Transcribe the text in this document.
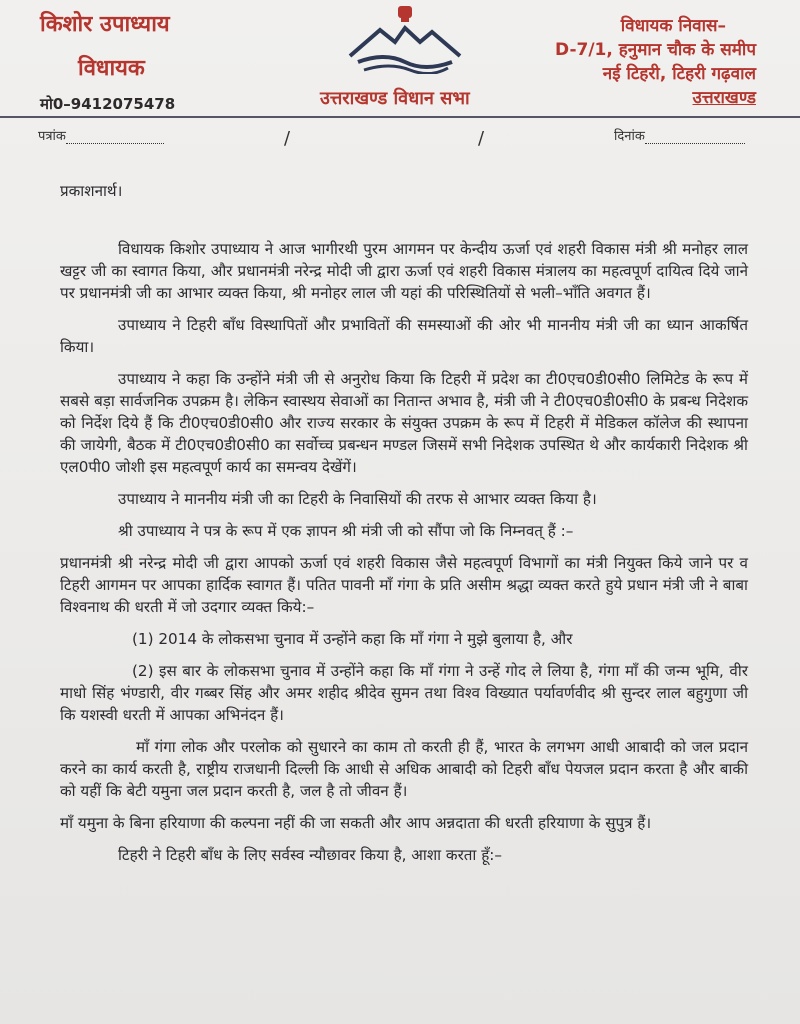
किशोर उपाध्याय
विधायक
मो0–9412075478	उत्तराखण्ड विधान सभा
विधायक निवास–
D-7/1, हनुमान चौक के समीप
नई टिहरी, टिहरी गढ़वाल
उत्तराखण्ड
पत्रांक	/	/	दिनांक

प्रकाशनार्थ।

विधायक किशोर उपाध्याय ने आज भागीरथी पुरम आगमन पर केन्दीय ऊर्जा एवं शहरी विकास मंत्री श्री मनोहर लाल खट्टर जी का स्वागत किया, और प्रधानमंत्री नरेन्द्र मोदी जी द्वारा ऊर्जा एवं शहरी विकास मंत्रालय का महत्वपूर्ण दायित्व दिये जाने पर प्रधानमंत्री जी का आभार व्यक्त किया, श्री मनोहर लाल जी यहां की परिस्थितियों से भली–भाँति अवगत हैं।

उपाध्याय ने टिहरी बाँध विस्थापितों और प्रभावितों की समस्याओं की ओर भी माननीय मंत्री जी का ध्यान आकर्षित किया।

उपाध्याय ने कहा कि उन्होंने मंत्री जी से अनुरोध किया कि टिहरी में प्रदेश का टी0एच0डी0सी0 लिमिटेड के रूप में सबसे बड़ा सार्वजनिक उपक्रम है। लेकिन स्वास्थय सेवाओं का नितान्त अभाव है, मंत्री जी ने टी0एच0डी0सी0 के प्रबन्ध निदेशक को निर्देश दिये हैं कि टी0एच0डी0सी0 और राज्य सरकार के संयुक्त उपक्रम के रूप में टिहरी में मेडिकल कॉलेज की स्थापना की जायेगी, बैठक में टी0एच0डी0सी0 का सर्वोच्च प्रबन्धन मण्डल जिसमें सभी निदेशक उपस्थित थे और कार्यकारी निदेशक श्री एल0पी0 जोशी इस महत्वपूर्ण कार्य का समन्वय देखेंगें।

उपाध्याय ने माननीय मंत्री जी का टिहरी के निवासियों की तरफ से आभार व्यक्त किया है।

श्री उपाध्याय ने पत्र के रूप में एक ज्ञापन श्री मंत्री जी को सौंपा जो कि निम्नवत् हैं :–

प्रधानमंत्री श्री नरेन्द्र मोदी जी द्वारा आपको ऊर्जा एवं शहरी विकास जैसे महत्वपूर्ण विभागों का मंत्री नियुक्त किये जाने पर व टिहरी आगमन पर आपका हार्दिक स्वागत हैं। पतित पावनी माँ गंगा के प्रति असीम श्रद्धा व्यक्त करते हुये प्रधान मंत्री जी ने बाबा विश्वनाथ की धरती में जो उदगार व्यक्त किये:–

(1) 2014 के लोकसभा चुनाव में उन्होंने कहा कि माँ गंगा ने मुझे बुलाया है, और

(2) इस बार के लोकसभा चुनाव में उन्होंने कहा कि माँ गंगा ने उन्हें गोद ले लिया है, गंगा माँ की जन्म भूमि, वीर माधो सिंह भंण्डारी, वीर गब्बर सिंह और अमर शहीद श्रीदेव सुमन तथा विश्व विख्यात पर्यावर्णवीद श्री सुन्दर लाल बहुगुणा जी कि यशस्वी धरती में आपका अभिनंदन हैं।

माँ गंगा लोक और परलोक को सुधारने का काम तो करती ही हैं, भारत के लगभग आधी आबादी को जल प्रदान करने का कार्य करती है, राष्ट्रीय राजधानी दिल्ली कि आधी से अधिक आबादी को टिहरी बाँध पेयजल प्रदान करता है और बाकी को यहीं कि बेटी यमुना जल प्रदान करती है, जल है तो जीवन हैं।

माँ यमुना के बिना हरियाणा की कल्पना नहीं की जा सकती और आप अन्नदाता की धरती हरियाणा के सुपुत्र हैं।

टिहरी ने टिहरी बाँध के लिए सर्वस्व न्यौछावर किया है, आशा करता हूँ:–
